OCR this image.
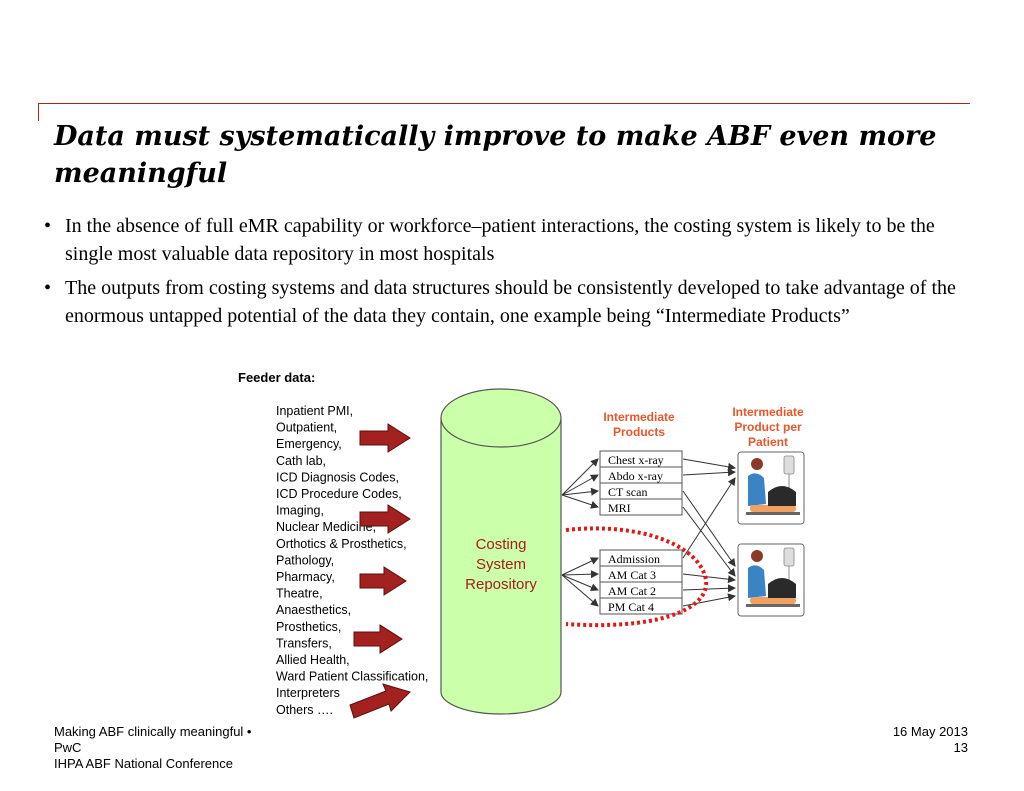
Data must systematically improve to make ABF even more meaningful
• In the absence of full eMR capability or workforce–patient interactions, the costing system is likely to be the single most valuable data repository in most hospitals
• The outputs from costing systems and data structures should be consistently developed to take advantage of the enormous untapped potential of the data they contain, one example being “Intermediate Products”
Feeder data:
Inpatient PMI,
Outpatient,
Emergency,
Cath lab,
ICD Diagnosis Codes,
ICD Procedure Codes,
Imaging,
Nuclear Medicine,
Orthotics & Prosthetics,
Pathology,
Pharmacy,
Theatre,
Anaesthetics,
Prosthetics,
Transfers,
Allied Health,
Ward Patient Classification,
Interpreters
Others ….
Costing
System
Repository
Intermediate
Products
Intermediate
Product per
Patient
Chest x-ray
Abdo x-ray
CT scan
MRI
Admission
AM Cat 3
AM Cat 2
PM Cat 4
Making ABF clinically meaningful •
PwC
IHPA ABF National Conference
16 May 2013
13
